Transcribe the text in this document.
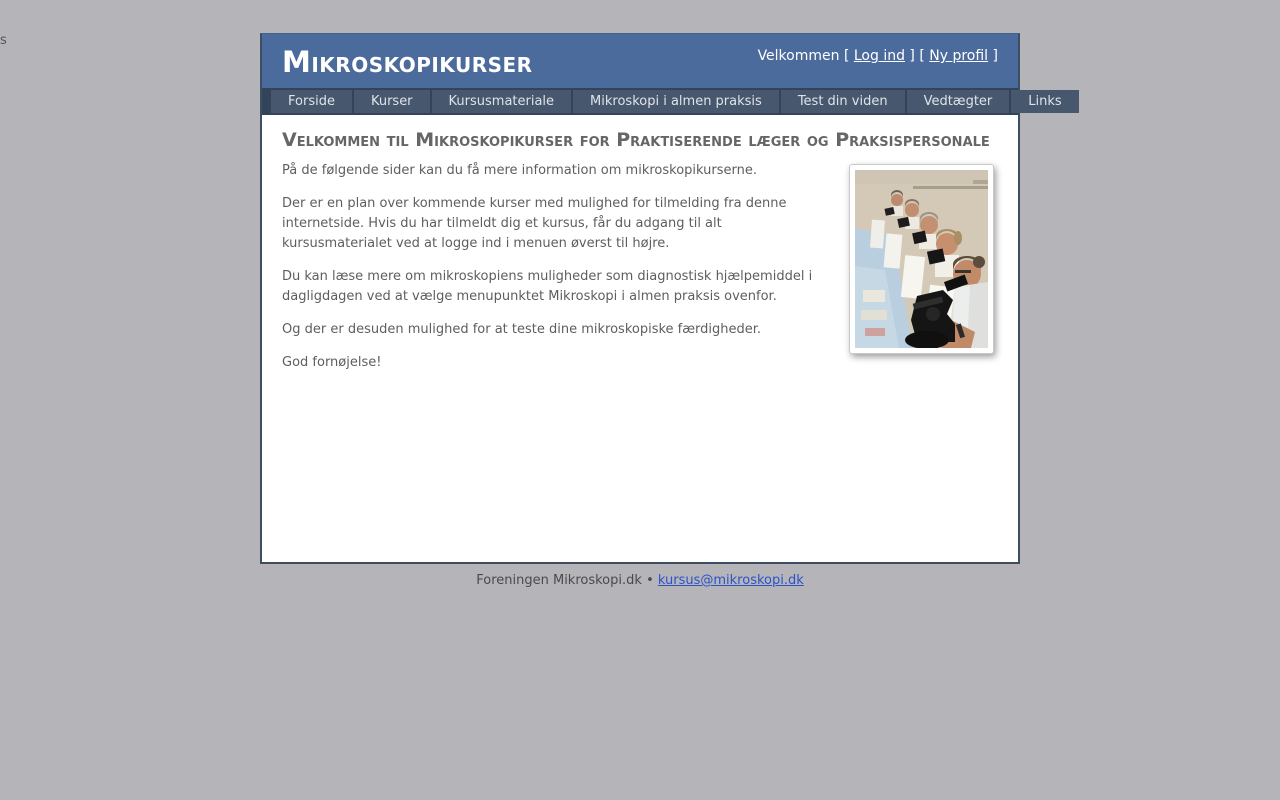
s
Mikroskopikurser	Velkommen [ Log ind ] [ Ny profil ]
Forside	Kurser	Kursusmateriale	Mikroskopi i almen praksis	Test din viden	Vedtægter	Links
Velkommen til Mikroskopikurser for Praktiserende læger og Praksispersonale

På de følgende sider kan du få mere information om mikroskopikurserne.

Der er en plan over kommende kurser med mulighed for tilmelding fra denne internetside. Hvis du har tilmeldt dig et kursus, får du adgang til alt kursusmaterialet ved at logge ind i menuen øverst til højre.

Du kan læse mere om mikroskopiens muligheder som diagnostisk hjælpemiddel i dagligdagen ved at vælge menupunktet Mikroskopi i almen praksis ovenfor.

Og der er desuden mulighed for at teste dine mikroskopiske færdigheder.

God fornøjelse!

Foreningen Mikroskopi.dk • kursus@mikroskopi.dk
